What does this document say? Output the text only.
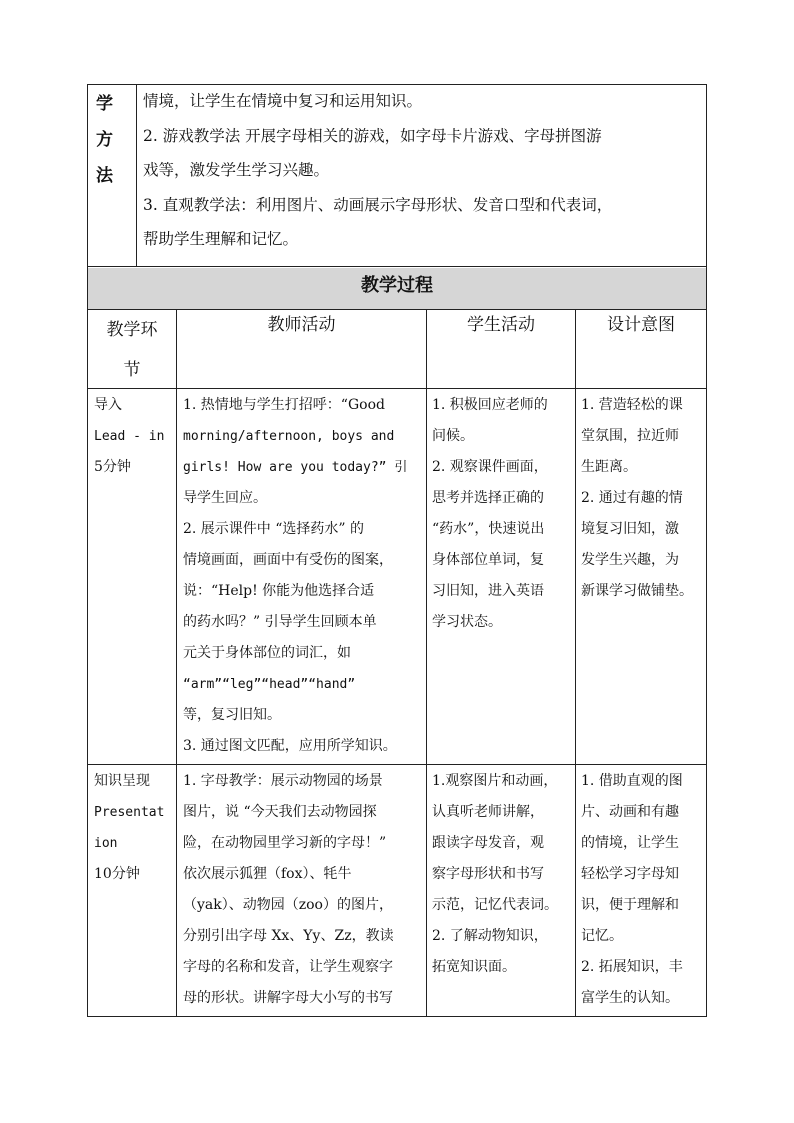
学
方
法
情境，让学生在情境中复习和运用知识。
2. 游戏教学法 开展字母相关的游戏，如字母卡片游戏、字母拼图游
戏等，激发学生学习兴趣。
3. 直观教学法：利用图片、动画展示字母形状、发音口型和代表词，
帮助学生理解和记忆。
教学过程
教学环
节
教师活动	学生活动	设计意图
导入
Lead - in
5分钟
1. 热情地与学生打招呼：“Good
morning/afternoon, boys and
girls! How are you today?” 引
导学生回应。
2. 展示课件中 “选择药水” 的
情境画面，画面中有受伤的图案，
说：“Help! 你能为他选择合适
的药水吗？” 引导学生回顾本单
元关于身体部位的词汇，如
“arm”“leg”“head”“hand”
等，复习旧知。
3. 通过图文匹配，应用所学知识。
1. 积极回应老师的
问候。
2. 观察课件画面，
思考并选择正确的
“药水”，快速说出
身体部位单词，复
习旧知，进入英语
学习状态。
1. 营造轻松的课
堂氛围，拉近师
生距离。
2. 通过有趣的情
境复习旧知，激
发学生兴趣，为
新课学习做铺垫。
知识呈现
Presentat
ion
10分钟
1. 字母教学：展示动物园的场景
图片，说 “今天我们去动物园探
险，在动物园里学习新的字母！”
依次展示狐狸（fox）、牦牛
（yak）、动物园（zoo）的图片，
分别引出字母 Xx、Yy、Zz，教读
字母的名称和发音，让学生观察字
母的形状。讲解字母大小写的书写
1.观察图片和动画，
认真听老师讲解，
跟读字母发音，观
察字母形状和书写
示范，记忆代表词。
2. 了解动物知识，
拓宽知识面。
1. 借助直观的图
片、动画和有趣
的情境，让学生
轻松学习字母知
识，便于理解和
记忆。
2. 拓展知识，丰
富学生的认知。
